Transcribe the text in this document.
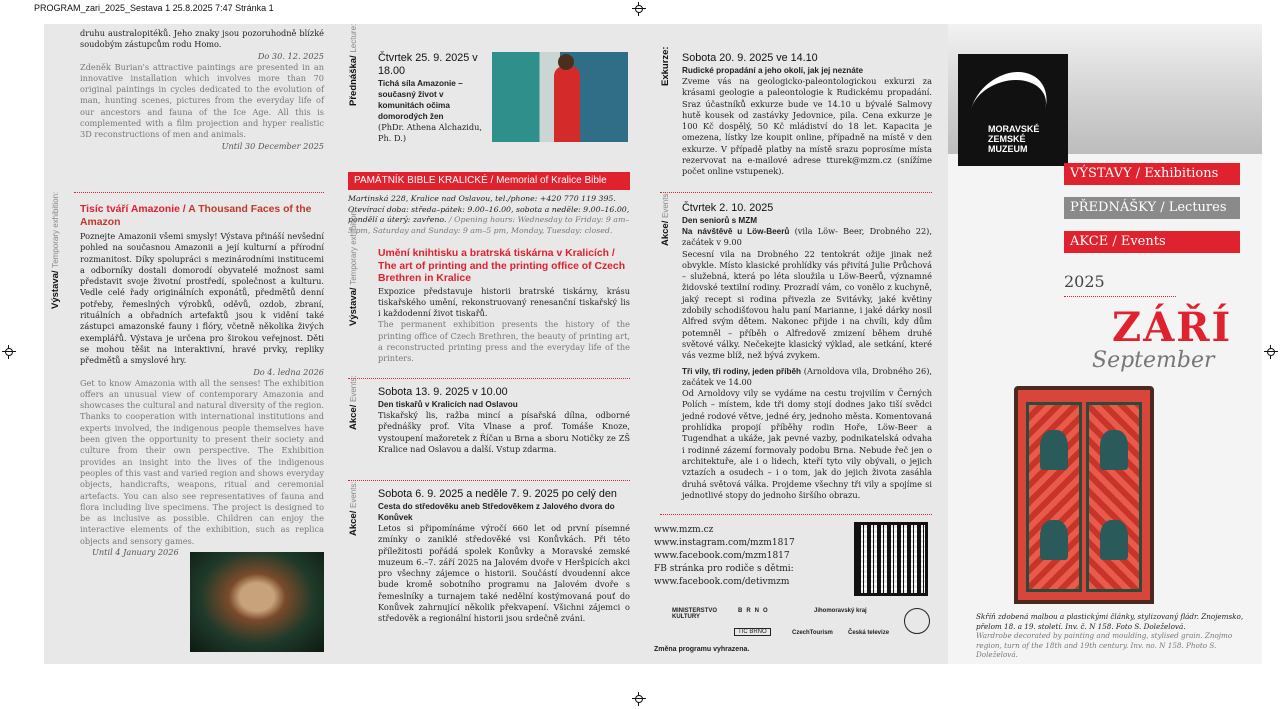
PROGRAM_zari_2025_Sestava 1 25.8.2025 7:47 Stránka 1
druhu australopitéků. Jeho znaky jsou pozoruhodně blízké soudobým zástupcům rodu Homo.
Do 30. 12. 2025
Zdeněk Burian's attractive paintings are presented in an innovative installation which involves more than 70 original paintings in cycles dedicated to the evolution of man, hunting scenes, pictures from the everyday life of our ancestors and fauna of the Ice Age. All this is complemented with a film projection and hyper realistic 3D reconstructions of men and animals.
Until 30 December 2025
Výstava/ Temporary exhibition: Tisíc tváří Amazonie / A Thousand Faces of the Amazon
Poznejte Amazonii všemi smysly! Výstava přináší nevšední pohled na současnou Amazonii a její kulturní a přírodní rozmanitost. Díky spolupráci s mezinárodními institucemi a odborníky dostali domorodí obyvatelé možnost sami představit svoje životní prostředí, společnost a kulturu. Vedle celé řady originálních exponátů, předmětů denní potřeby, řemeslných výrobků, oděvů, ozdob, zbraní, rituálních a obřadních artefaktů jsou k vidění také zástupci amazonské fauny i flóry, včetně několika živých exemplářů. Výstava je určena pro širokou veřejnost. Děti se mohou těšit na interaktivní, hravé prvky, repliky předmětů a smyslové hry.
Do 4. ledna 2026
Get to know Amazonia with all the senses! The exhibition offers an unusual view of contemporary Amazonia and showcases the cultural and natural diversity of the region. Thanks to cooperation with international institutions and experts involved, the indigenous people themselves have been given the opportunity to present their society and culture from their own perspective. The Exhibition provides an insight into the lives of the indigenous peoples of this vast and varied region and shows everyday objects, handicrafts, weapons, ritual and ceremonial artefacts. You can also see representatives of fauna and flora including live specimens. The project is designed to be as inclusive as possible. Children can enjoy the interactive elements of the exhibition, such as replica objects and sensory games.
Until 4 January 2026
Přednáška/ Lecture:
Čtvrtek 25. 9. 2025 v 18.00
Tichá síla Amazonie – současný život v komunitách očima domorodých žen
(PhDr. Athena Alchazidu, Ph. D.)
PAMÁTNÍK BIBLE KRALICKÉ / Memorial of Kralice Bible
Martinská 228, Kralice nad Oslavou, tel./phone: +420 770 119 395. Otevírací doba: středa–pátek: 9.00–16.00, sobota a neděle: 9.00–16.00, pondělí a úterý: zavřeno. / Opening hours: Wednesday to Friday: 9 am–5 pm, Saturday and Sunday: 9 am–5 pm, Monday, Tuesday: closed.
Výstava/ Temporary exhibition: Umění knihtisku a bratrská tiskárna v Kralicích / The art of printing and the printing office of Czech Brethren in Kralice
Expozice představuje historii bratrské tiskárny, krásu tiskařského umění, rekonstruovaný renesanční tiskařský lis i každodenní život tiskařů.
The permanent exhibition presents the history of the printing office of Czech Brethren, the beauty of printing art, a reconstructed printing press and the everyday life of the printers.
Akce/ Events: Sobota 13. 9. 2025 v 10.00
Den tiskařů v Kralicích nad Oslavou
Tiskařský lis, ražba mincí a písařská dílna, odborné přednášky prof. Víta Vlnase a prof. Tomáše Knoze, vystoupení mažoretek z Říčan u Brna a sboru Notičky ze ZŠ Kralice nad Oslavou a další. Vstup zdarma.
Akce/ Events: Sobota 6. 9. 2025 a neděle 7. 9. 2025 po celý den
Cesta do středověku aneb Středověkem z Jalového dvora do Konůvek
Letos si připomínáme výročí 660 let od první písemné zmínky o zaniklé středověké vsi Konůvkách. Při této příležitosti pořádá spolek Konůvky a Moravské zemské muzeum 6.–7. září 2025 na Jalovém dvoře v Heršpicích akci pro všechny zájemce o historii. Součástí dvoudenní akce bude kromě sobotního programu na Jalovém dvoře s řemeslníky a turnajem také nedělní kostýmovaná pouť do Konůvek zahrnující několik překvapení. Všichni zájemci o středověk a regionální historii jsou srdečně zváni.
Exkurze: Sobota 20. 9. 2025 ve 14.10
Rudické propadání a jeho okolí, jak jej neznáte
Zveme vás na geologicko-paleontologickou exkurzi za krásami geologie a paleontologie k Rudickému propadání. Sraz účastníků exkurze bude ve 14.10 u bývalé Salmovy hutě kousek od zastávky Jedovnice, pila. Cena exkurze je 100 Kč dospělý, 50 Kč mládiství do 18 let. Kapacita je omezena, lístky lze koupit online, případně na místě v den exkurze. V případě platby na místě srazu poprosíme místa rezervovat na e-mailové adrese tturek@mzm.cz (snížíme počet online vstupenek).
Akce/ Events: Čtvrtek 2. 10. 2025
Den seniorů s MZM
Na návštěvě u Löw-Beerů (vila Löw- Beer, Drobného 22), začátek v 9.00
Secesní vila na Drobného 22 tentokrát ožije jinak než obvykle. Místo klasické prohlídky vás přivítá Julie Průchová – služebná, která po léta sloužila u Löw-Beerů, významné židovské textilní rodiny. Prozradí vám, co vonělo z kuchyně, jaký recept si rodina přivezla ze Svitávky, jaké květiny zdobily schodišťovou halu paní Marianne, i jaké dárky nosil Alfred svým dětem. Nakonec přijde i na chvíli, kdy dům potemněl – příběh o Alfredově zmizení během druhé světové války. Nečekejte klasický výklad, ale setkání, které vás vezme blíž, než bývá zvykem.
Tři vily, tři rodiny, jeden příběh (Arnoldova vila, Drobného 26), začátek ve 14.00
Od Arnoldovy vily se vydáme na cestu trojvilím v Černých Polích – místem, kde tři domy stojí dodnes jako tiší svědci jedné rodové větve, jedné éry, jednoho města. Komentovaná prohlídka propojí příběhy rodin Hoře, Löw-Beer a Tugendhat a ukáže, jak pevné vazby, podnikatelská odvaha i rodinné zázemí formovaly podobu Brna. Nebude řeč jen o architektuře, ale i o lidech, kteří tyto vily obývali, o jejich vztazích a osudech – i o tom, jak do jejich života zasáhla druhá světová válka. Projdeme všechny tři vily a spojíme si jednotlivé stopy do jednoho širšího obrazu.
www.mzm.cz
www.instagram.com/mzm1817
www.facebook.com/mzm1817
FB stránka pro rodiče s dětmi:
www.facebook.com/detivmzm
MINISTERSTVO KULTURY
BRNO	Jihomoravský kraj
TIC BRNO	CzechTourism	Česká televize
Změna programu vyhrazena.
MORAVSKÉ
ZEMSKÉ
MUZEUM
VÝSTAVY / Exhibitions
PŘEDNÁŠKY / Lectures
AKCE / Events
2025
ZÁŘÍ
September
Skříň zdobená malbou a plastickými články, stylizovaný fládr. Znojemsko, přelom 18. a 19. století. Inv. č. N 158. Foto S. Doleželová.
Wardrobe decorated by painting and moulding, stylised grain. Znojmo region, turn of the 18th and 19th century. Inv. no. N 158. Photo S. Doleželová.
